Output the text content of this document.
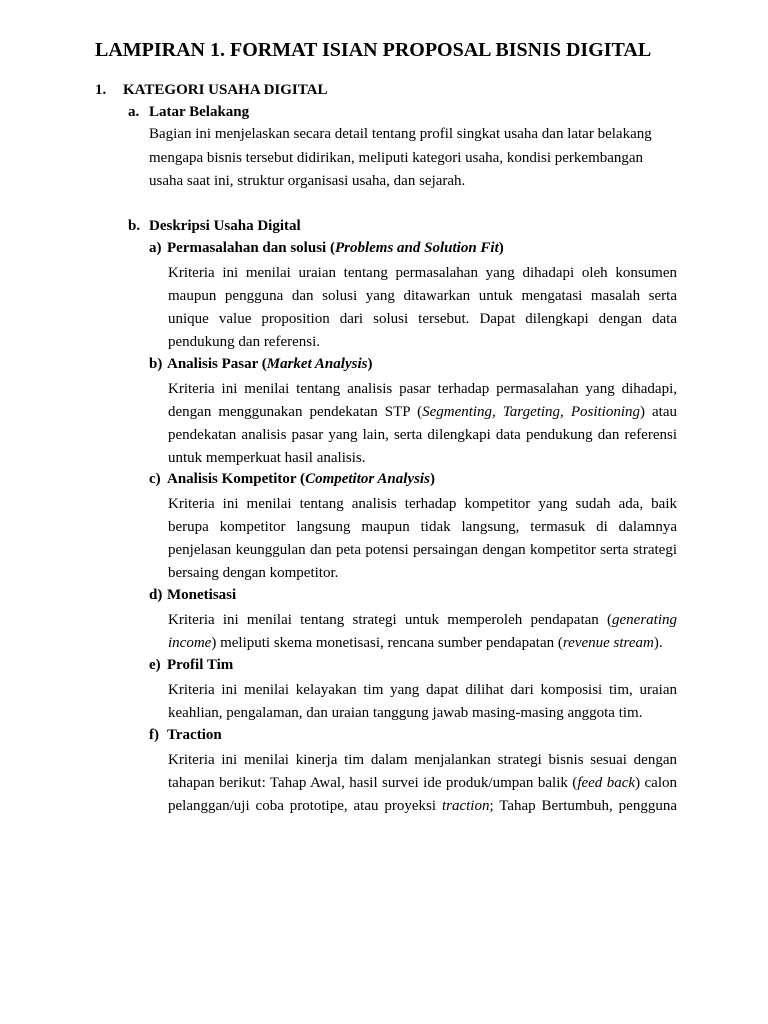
LAMPIRAN 1. FORMAT ISIAN PROPOSAL BISNIS DIGITAL
1. KATEGORI USAHA DIGITAL
a. Latar Belakang
Bagian ini menjelaskan secara detail tentang profil singkat usaha dan latar belakang
mengapa bisnis tersebut didirikan, meliputi kategori usaha, kondisi perkembangan
usaha saat ini, struktur organisasi usaha, dan sejarah.
b. Deskripsi Usaha Digital
a) Permasalahan dan solusi (Problems and Solution Fit)
Kriteria ini menilai uraian tentang permasalahan yang dihadapi oleh konsumen
maupun pengguna dan solusi yang ditawarkan untuk mengatasi masalah serta
unique value proposition dari solusi tersebut. Dapat dilengkapi dengan data
pendukung dan referensi.
b) Analisis Pasar (Market Analysis)
Kriteria ini menilai tentang analisis pasar terhadap permasalahan yang dihadapi,
dengan menggunakan pendekatan STP (Segmenting, Targeting, Positioning) atau
pendekatan analisis pasar yang lain, serta dilengkapi data pendukung dan referensi
untuk memperkuat hasil analisis.
c) Analisis Kompetitor (Competitor Analysis)
Kriteria ini menilai tentang analisis terhadap kompetitor yang sudah ada, baik
berupa kompetitor langsung maupun tidak langsung, termasuk di dalamnya
penjelasan keunggulan dan peta potensi persaingan dengan kompetitor serta strategi
bersaing dengan kompetitor.
d) Monetisasi
Kriteria ini menilai tentang strategi untuk memperoleh pendapatan (generating
income) meliputi skema monetisasi, rencana sumber pendapatan (revenue stream).
e) Profil Tim
Kriteria ini menilai kelayakan tim yang dapat dilihat dari komposisi tim, uraian
keahlian, pengalaman, dan uraian tanggung jawab masing-masing anggota tim.
f) Traction
Kriteria ini menilai kinerja tim dalam menjalankan strategi bisnis sesuai dengan
tahapan berikut: Tahap Awal, hasil survei ide produk/umpan balik (feed back) calon
pelanggan/uji coba prototipe, atau proyeksi traction; Tahap Bertumbuh, pengguna
